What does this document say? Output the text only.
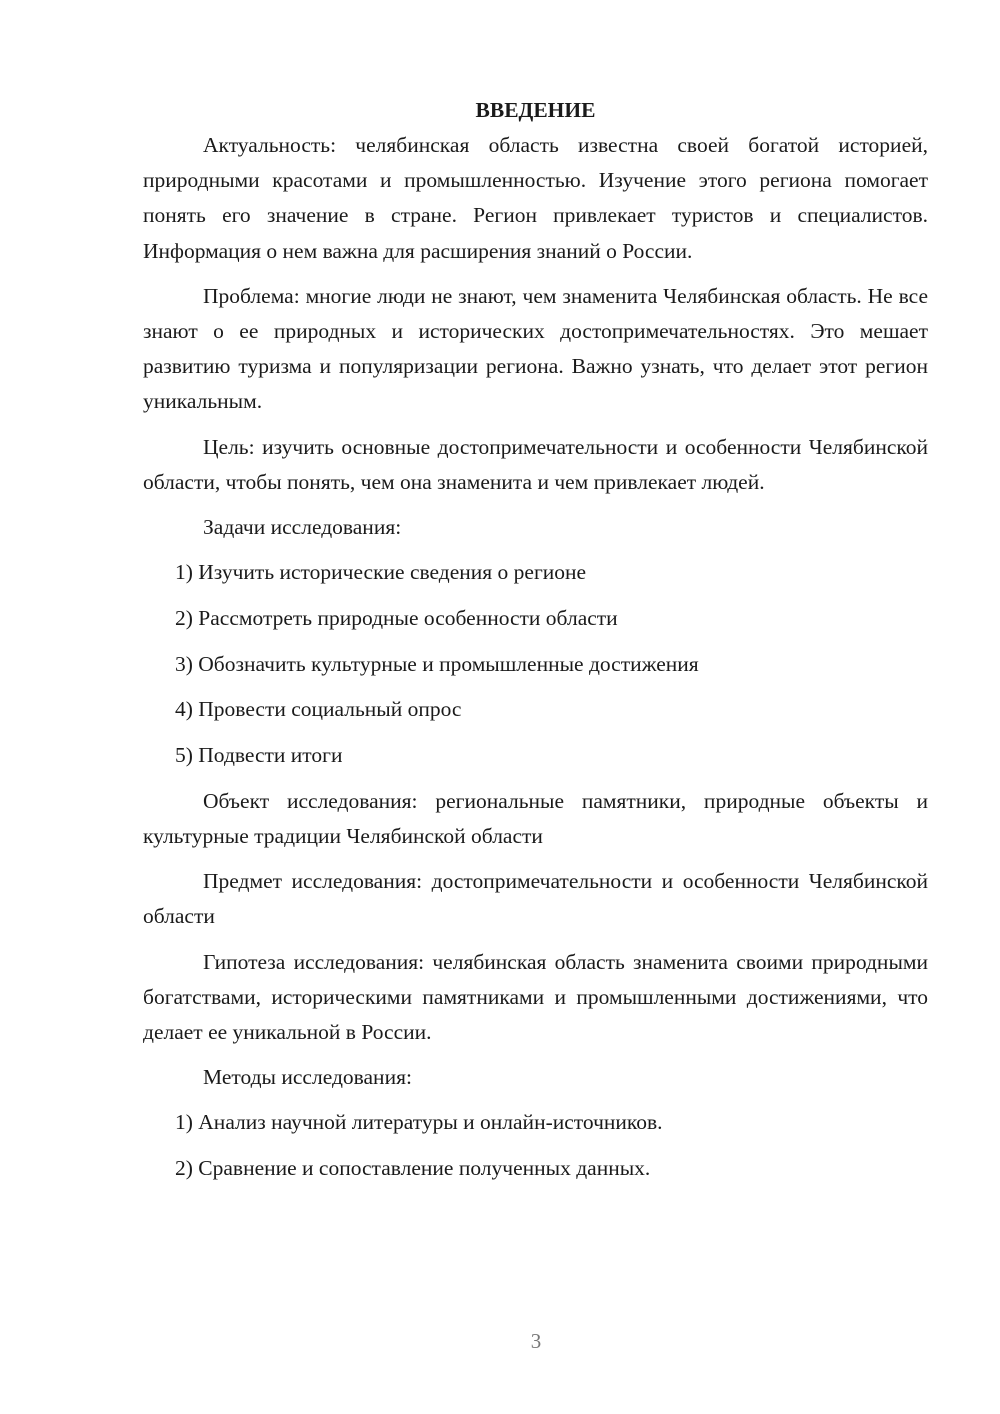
ВВЕДЕНИЕ

Актуальность: челябинская область известна своей богатой историей, природными красотами и промышленностью. Изучение этого региона помогает понять его значение в стране. Регион привлекает туристов и специалистов. Информация о нем важна для расширения знаний о России.

Проблема: многие люди не знают, чем знаменита Челябинская область. Не все знают о ее природных и исторических достопримечательностях. Это мешает развитию туризма и популяризации региона. Важно узнать, что делает этот регион уникальным.

Цель: изучить основные достопримечательности и особенности Челябинской области, чтобы понять, чем она знаменита и чем привлекает людей.

Задачи исследования:

1) Изучить исторические сведения о регионе

2) Рассмотреть природные особенности области

3) Обозначить культурные и промышленные достижения

4) Провести социальный опрос

5) Подвести итоги

Объект исследования: региональные памятники, природные объекты и культурные традиции Челябинской области

Предмет исследования: достопримечательности и особенности Челябинской области

Гипотеза исследования: челябинская область знаменита своими природными богатствами, историческими памятниками и промышленными достижениями, что делает ее уникальной в России.

Методы исследования:

1) Анализ научной литературы и онлайн-источников.

2) Сравнение и сопоставление полученных данных.

3
